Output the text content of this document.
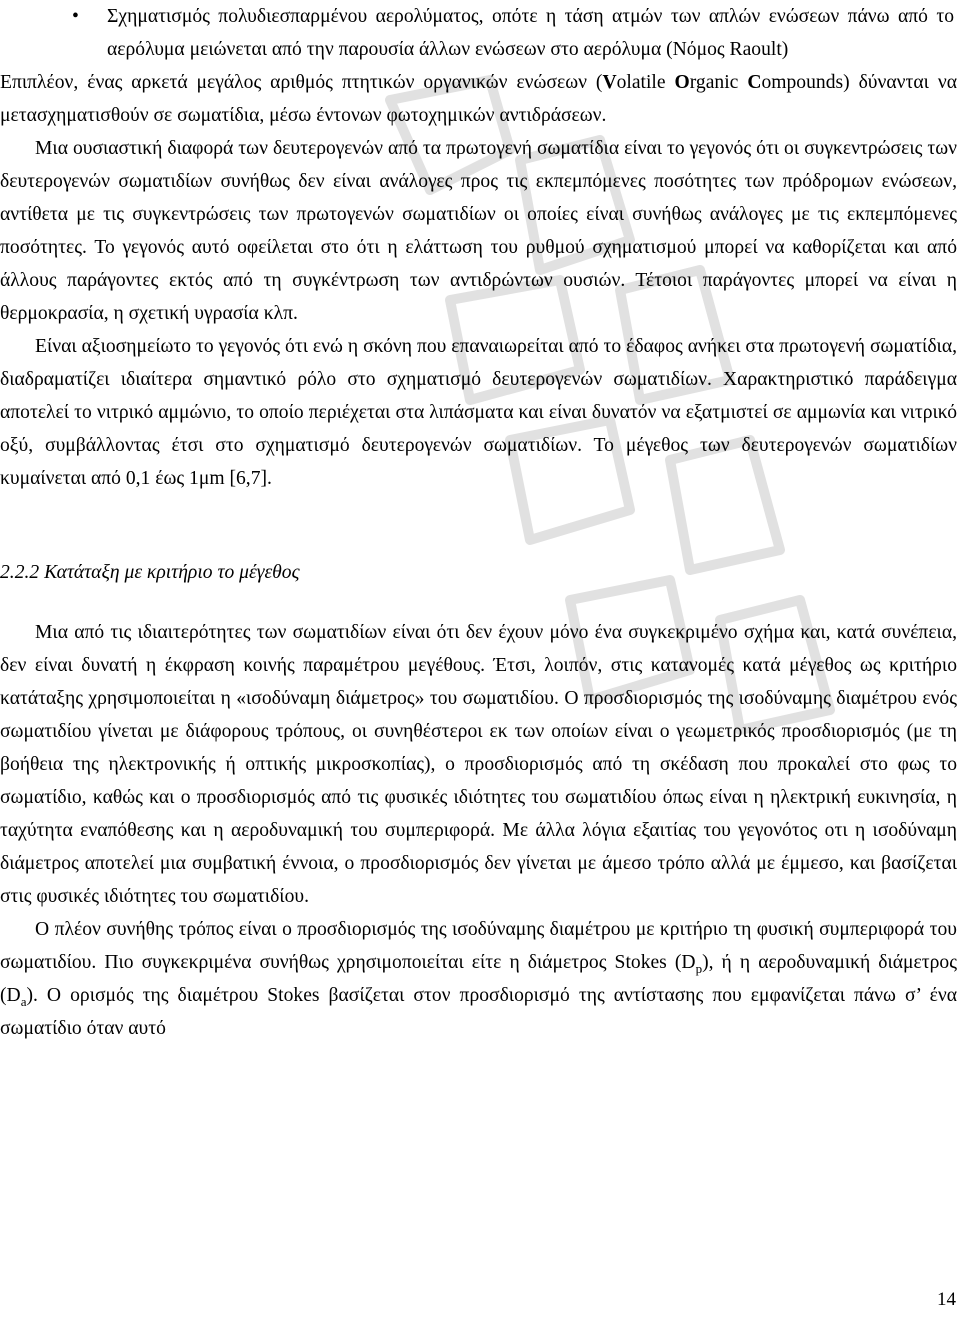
• Σχηματισμός πολυδιεσπαρμένου αερολύματος, οπότε η τάση ατμών των απλών ενώσεων πάνω από το αερόλυμα μειώνεται από την παρουσία άλλων ενώσεων στο αερόλυμα (Νόμος Raoult)

Επιπλέον, ένας αρκετά μεγάλος αριθμός πτητικών οργανικών ενώσεων (Volatile Organic Compounds) δύνανται να μετασχηματισθούν σε σωματίδια, μέσω έντονων φωτοχημικών αντιδράσεων.

Μια ουσιαστική διαφορά των δευτερογενών από τα πρωτογενή σωματίδια είναι το γεγονός ότι οι συγκεντρώσεις των δευτερογενών σωματιδίων συνήθως δεν είναι ανάλογες προς τις εκπεμπόμενες ποσότητες των πρόδρομων ενώσεων, αντίθετα με τις συγκεντρώσεις των πρωτογενών σωματιδίων οι οποίες είναι συνήθως ανάλογες με τις εκπεμπόμενες ποσότητες. Το γεγονός αυτό οφείλεται στο ότι η ελάττωση του ρυθμού σχηματισμού μπορεί να καθορίζεται και από άλλους παράγοντες εκτός από τη συγκέντρωση των αντιδρώντων ουσιών. Τέτοιοι παράγοντες μπορεί να είναι η θερμοκρασία, η σχετική υγρασία κλπ.

Είναι αξιοσημείωτο το γεγονός ότι ενώ η σκόνη που επαναιωρείται από το έδαφος ανήκει στα πρωτογενή σωματίδια, διαδραματίζει ιδιαίτερα σημαντικό ρόλο στο σχηματισμό δευτερογενών σωματιδίων. Χαρακτηριστικό παράδειγμα αποτελεί το νιτρικό αμμώνιο, το οποίο περιέχεται στα λιπάσματα και είναι δυνατόν να εξατμιστεί σε αμμωνία και νιτρικό οξύ, συμβάλλοντας έτσι στο σχηματισμό δευτερογενών σωματιδίων. Το μέγεθος των δευτερογενών σωματιδίων κυμαίνεται από 0,1 έως 1μm [6,7].

2.2.2 Κατάταξη με κριτήριο το μέγεθος

Μια από τις ιδιαιτερότητες των σωματιδίων είναι ότι δεν έχουν μόνο ένα συγκεκριμένο σχήμα και, κατά συνέπεια, δεν είναι δυνατή η έκφραση κοινής παραμέτρου μεγέθους. Έτσι, λοιπόν, στις κατανομές κατά μέγεθος ως κριτήριο κατάταξης χρησιμοποιείται η «ισοδύναμη διάμετρος» του σωματιδίου. Ο προσδιορισμός της ισοδύναμης διαμέτρου ενός σωματιδίου γίνεται με διάφορους τρόπους, οι συνηθέστεροι εκ των οποίων είναι ο γεωμετρικός προσδιορισμός (με τη βοήθεια της ηλεκτρονικής ή οπτικής μικροσκοπίας), ο προσδιορισμός από τη σκέδαση που προκαλεί στο φως το σωματίδιο, καθώς και ο προσδιορισμός από τις φυσικές ιδιότητες του σωματιδίου όπως είναι η ηλεκτρική ευκινησία, η ταχύτητα εναπόθεσης και η αεροδυναμική του συμπεριφορά. Με άλλα λόγια εξαιτίας του γεγονότος οτι η ισοδύναμη διάμετρος αποτελεί μια συμβατική έννοια, ο προσδιορισμός δεν γίνεται με άμεσο τρόπο αλλά με έμμεσο, και βασίζεται στις φυσικές ιδιότητες του σωματιδίου.

Ο πλέον συνήθης τρόπος είναι ο προσδιορισμός της ισοδύναμης διαμέτρου με κριτήριο τη φυσική συμπεριφορά του σωματιδίου. Πιο συγκεκριμένα συνήθως χρησιμοποιείται είτε η διάμετρος Stokes $(D_p)$, ή η αεροδυναμική διάμετρος $(D_a)$. Ο ορισμός της διαμέτρου Stokes βασίζεται στον προσδιορισμό της αντίστασης που εμφανίζεται πάνω σ’ ένα σωματίδιο όταν αυτό

14
